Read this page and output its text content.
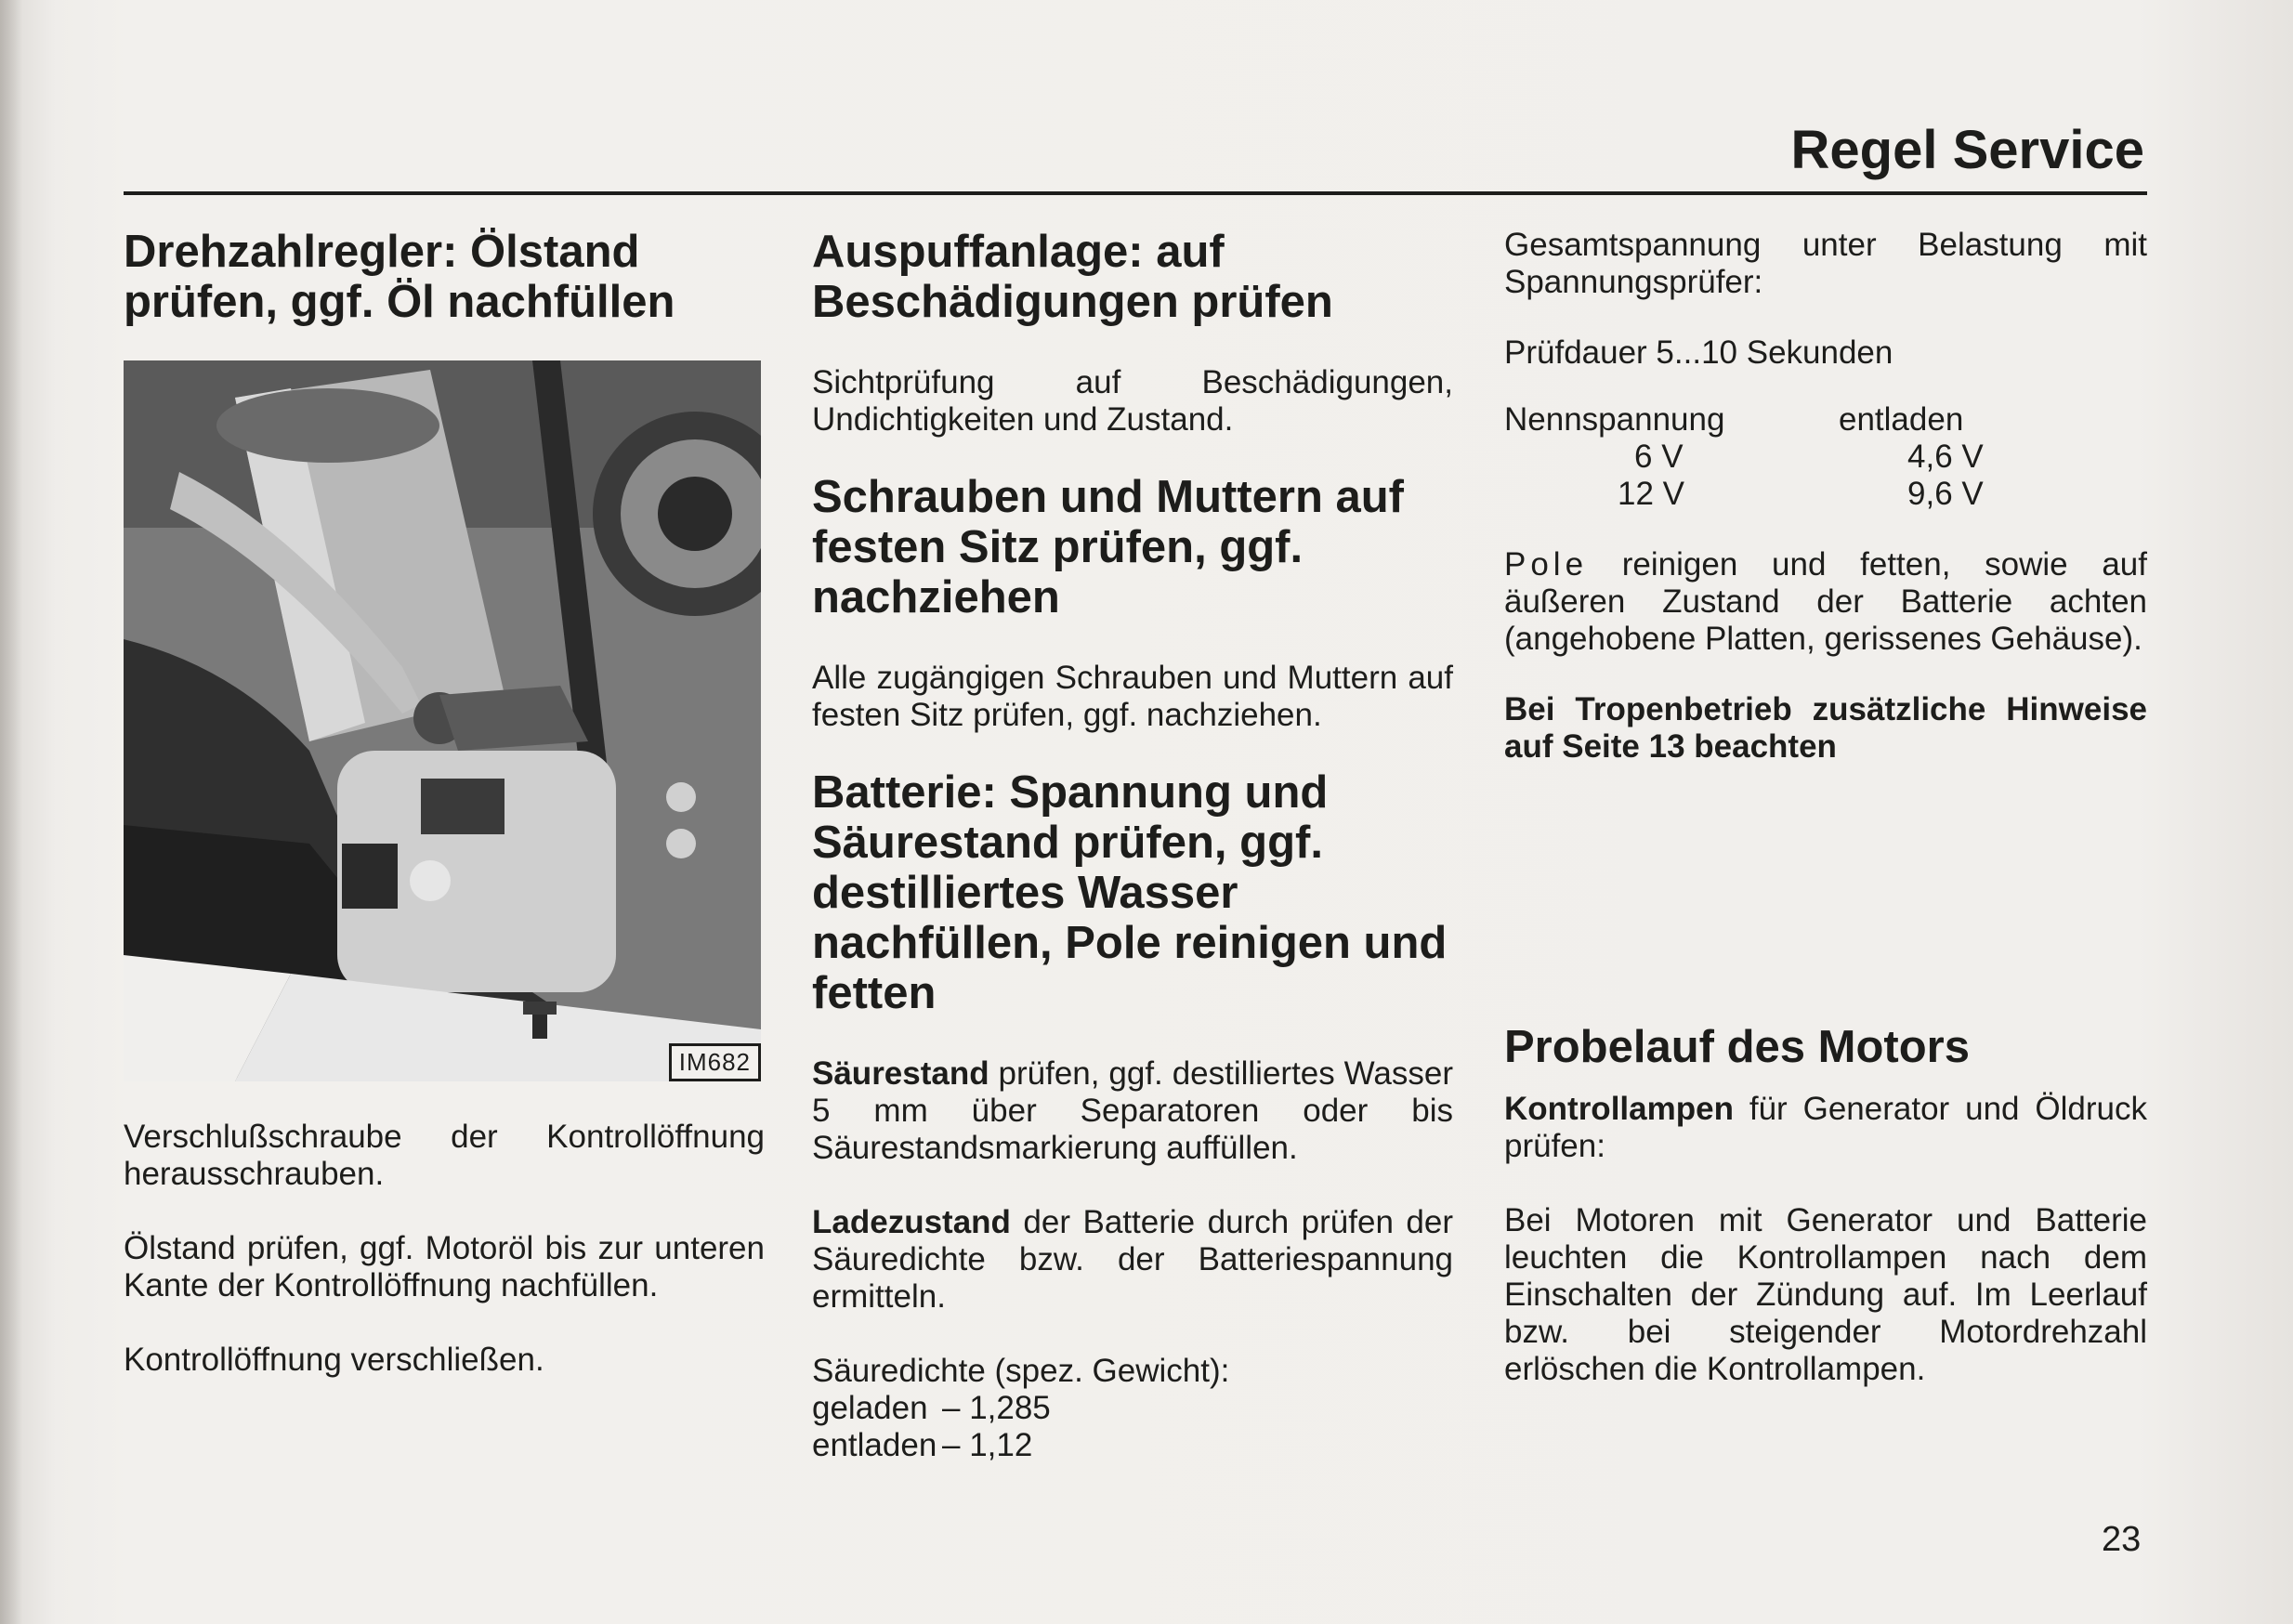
Regel Service
Drehzahlregler: Ölstand prüfen, ggf. Öl nachfüllen
IM682

Verschlußschraube der Kontrollöffnung herausschrauben.

Ölstand prüfen, ggf. Motoröl bis zur unteren Kante der Kontrollöffnung nachfüllen.

Kontrollöffnung verschließen.

Auspuffanlage: auf Beschädigungen prüfen

Sichtprüfung auf Beschädigungen, Undichtigkeiten und Zustand.

Schrauben und Muttern auf festen Sitz prüfen, ggf. nachziehen

Alle zugängigen Schrauben und Muttern auf festen Sitz prüfen, ggf. nachziehen.

Batterie: Spannung und Säurestand prüfen, ggf. destilliertes Wasser nachfüllen, Pole reinigen und fetten

Säurestand prüfen, ggf. destilliertes Wasser 5 mm über Separatoren oder bis Säurestandsmarkierung auffüllen.

Ladezustand der Batterie durch prüfen der Säuredichte bzw. der Batteriespannung ermitteln.

Säuredichte (spez. Gewicht):
geladen – 1,285
entladen – 1,12

Gesamtspannung unter Belastung mit Spannungsprüfer:

Prüfdauer 5...10 Sekunden

Nennspannung	entladen
6 V	4,6 V
12 V	9,6 V

Pole reinigen und fetten, sowie auf äußeren Zustand der Batterie achten (angehobene Platten, gerissenes Gehäuse).

Bei Tropenbetrieb zusätzliche Hinweise auf Seite 13 beachten

Probelauf des Motors

Kontrollampen für Generator und Öldruck prüfen:

Bei Motoren mit Generator und Batterie leuchten die Kontrollampen nach dem Einschalten der Zündung auf. Im Leerlauf bzw. bei steigender Motordrehzahl erlöschen die Kontrollampen.

23
